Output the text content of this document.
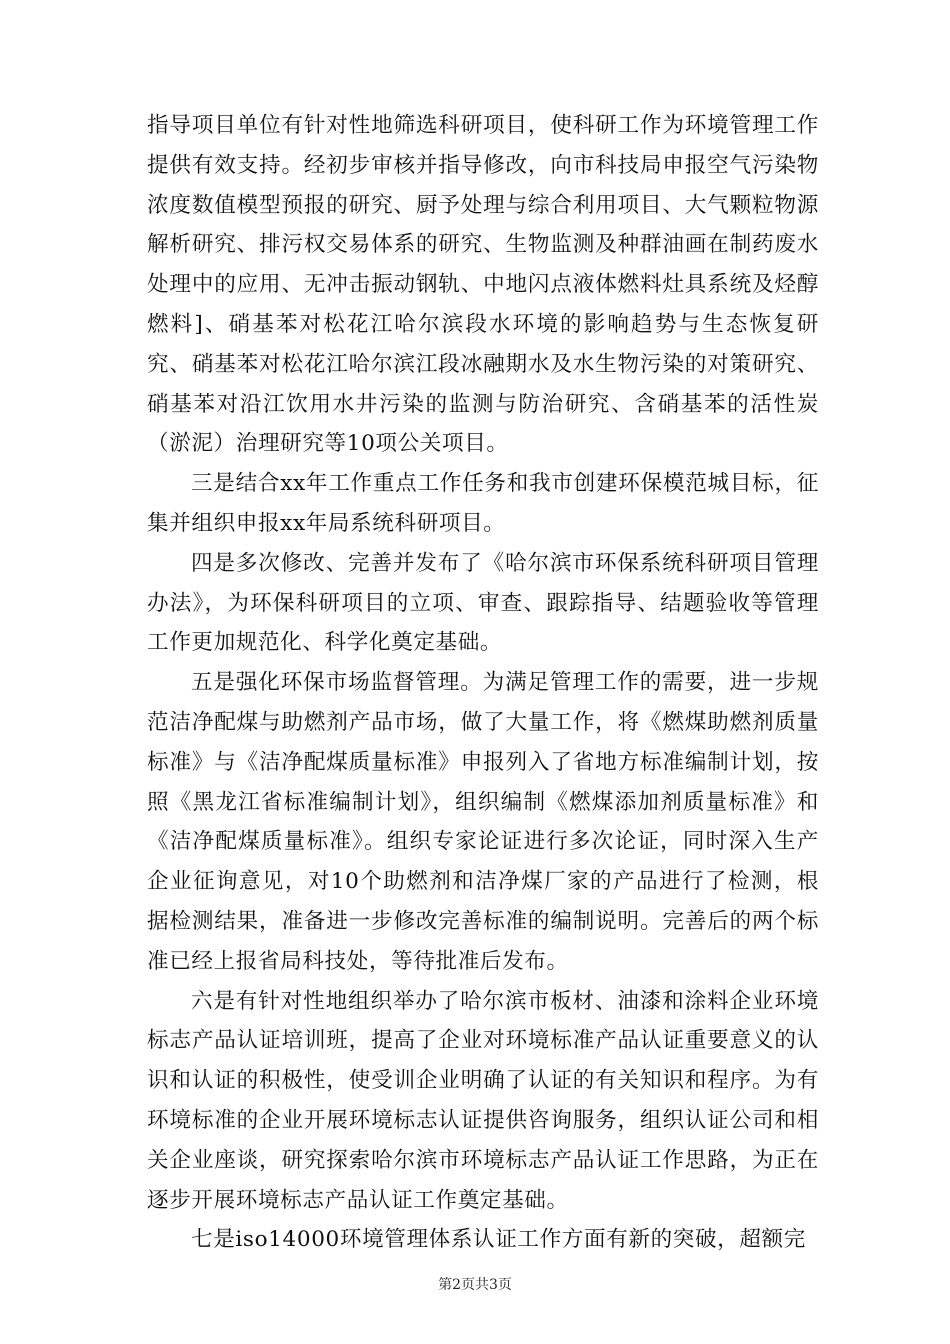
指导项目单位有针对性地筛选科研项目，使科研工作为环境管理工作提供有效支持。经初步审核并指导修改，向市科技局申报空气污染物浓度数值模型预报的研究、厨予处理与综合利用项目、大气颗粒物源解析研究、排污权交易体系的研究、生物监测及种群油画在制药废水处理中的应用、无冲击振动钢轨、中地闪点液体燃料灶具系统及烃醇燃料]、硝基苯对松花江哈尔滨段水环境的影响趋势与生态恢复研究、硝基苯对松花江哈尔滨江段冰融期水及水生物污染的对策研究、硝基苯对沿江饮用水井污染的监测与防治研究、含硝基苯的活性炭（淤泥）治理研究等10项公关项目。

三是结合xx年工作重点工作任务和我市创建环保模范城目标，征集并组织申报xx年局系统科研项目。

四是多次修改、完善并发布了《哈尔滨市环保系统科研项目管理办法》，为环保科研项目的立项、审查、跟踪指导、结题验收等管理工作更加规范化、科学化奠定基础。

五是强化环保市场监督管理。为满足管理工作的需要，进一步规范洁净配煤与助燃剂产品市场，做了大量工作，将《燃煤助燃剂质量标准》与《洁净配煤质量标准》申报列入了省地方标准编制计划，按照《黑龙江省标准编制计划》，组织编制《燃煤添加剂质量标准》和《洁净配煤质量标准》。组织专家论证进行多次论证，同时深入生产企业征询意见，对10个助燃剂和洁净煤厂家的产品进行了检测，根据检测结果，准备进一步修改完善标准的编制说明。完善后的两个标准已经上报省局科技处，等待批准后发布。

六是有针对性地组织举办了哈尔滨市板材、油漆和涂料企业环境标志产品认证培训班，提高了企业对环境标准产品认证重要意义的认识和认证的积极性，使受训企业明确了认证的有关知识和程序。为有环境标准的企业开展环境标志认证提供咨询服务，组织认证公司和相关企业座谈，研究探索哈尔滨市环境标志产品认证工作思路，为正在逐步开展环境标志产品认证工作奠定基础。

七是iso14000环境管理体系认证工作方面有新的突破，超额完

第2页共3页
